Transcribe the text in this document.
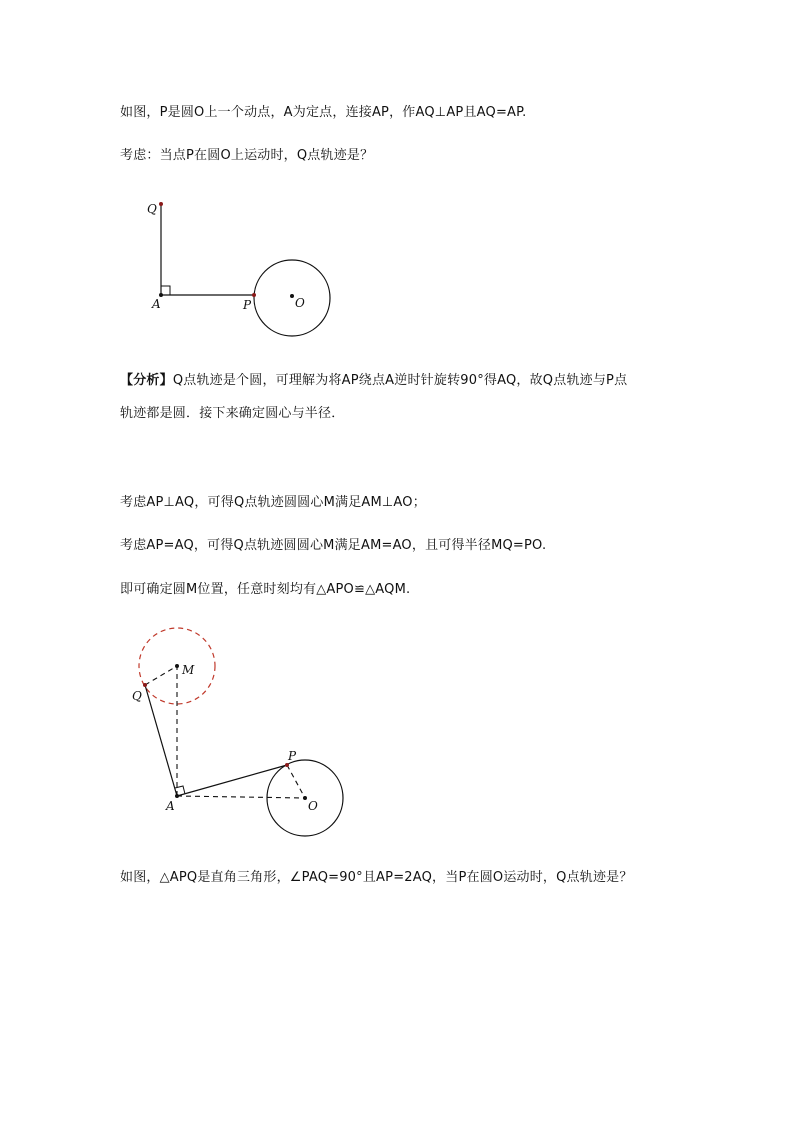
如图，P是圆O上一个动点，A为定点，连接AP，作AQ⊥AP且AQ=AP.

考虑：当点P在圆O上运动时，Q点轨迹是？

Q
A	P	O

【分析】Q点轨迹是个圆，可理解为将AP绕点A逆时针旋转90°得AQ，故Q点轨迹与P点

轨迹都是圆．接下来确定圆心与半径．

考虑AP⊥AQ，可得Q点轨迹圆圆心M满足AM⊥AO；

考虑AP=AQ，可得Q点轨迹圆圆心M满足AM=AO，且可得半径MQ=PO.

即可确定圆M位置，任意时刻均有△APO≌△AQM.

M
Q
P
A	O

如图，△APQ是直角三角形，∠PAQ=90°且AP=2AQ，当P在圆O运动时，Q点轨迹是？
